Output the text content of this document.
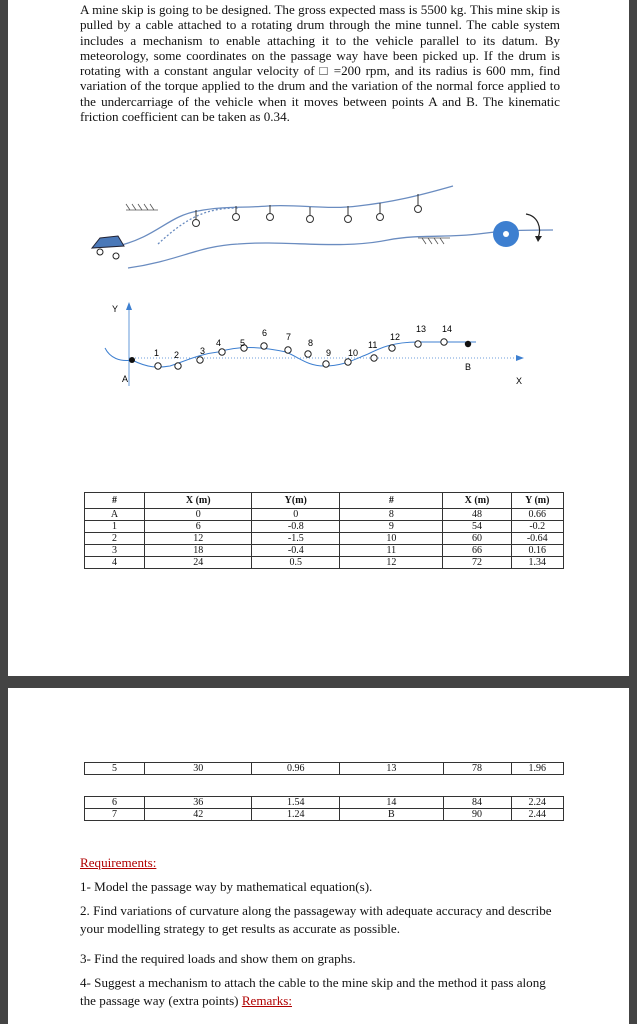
A mine skip is going to be designed. The gross expected mass is 5500 kg. This mine skip is pulled by a cable attached to a rotating drum through the mine tunnel. The cable system includes a mechanism to enable attaching it to the vehicle parallel to its datum. By meteorology, some coordinates on the passage way have been picked up. If the drum is rotating with a constant angular velocity of □ =200 rpm, and its radius is 600 mm, find variation of the torque applied to the drum and the variation of the normal force applied to the undercarriage of the vehicle when it moves between points A and B. The kinematic friction coefficient can be taken as 0.34.

Y
X
A
B
1 2 3
4 5
6 7
8
9 10
11
12
13 14
#	X (m)	Y(m)	#	X (m)	Y (m)
A	0	0	8	48	0.66
1	6	-0.8	9	54	-0.2
2	12	-1.5	10	60	-0.64
3	18	-0.4	11	66	0.16
4	24	0.5	12	72	1.34
5	30	0.96	13	78	1.96
6	36	1.54	14	84	2.24
7	42	1.24	B	90	2.44
Requirements:
1- Model the passage way by mathematical equation(s).
2. Find variations of curvature along the passageway with adequate accuracy and describe your modelling strategy to get results as accurate as possible.
3- Find the required loads and show them on graphs.
4- Suggest a mechanism to attach the cable to the mine skip and the method it pass along the passage way (extra points) Remarks:
